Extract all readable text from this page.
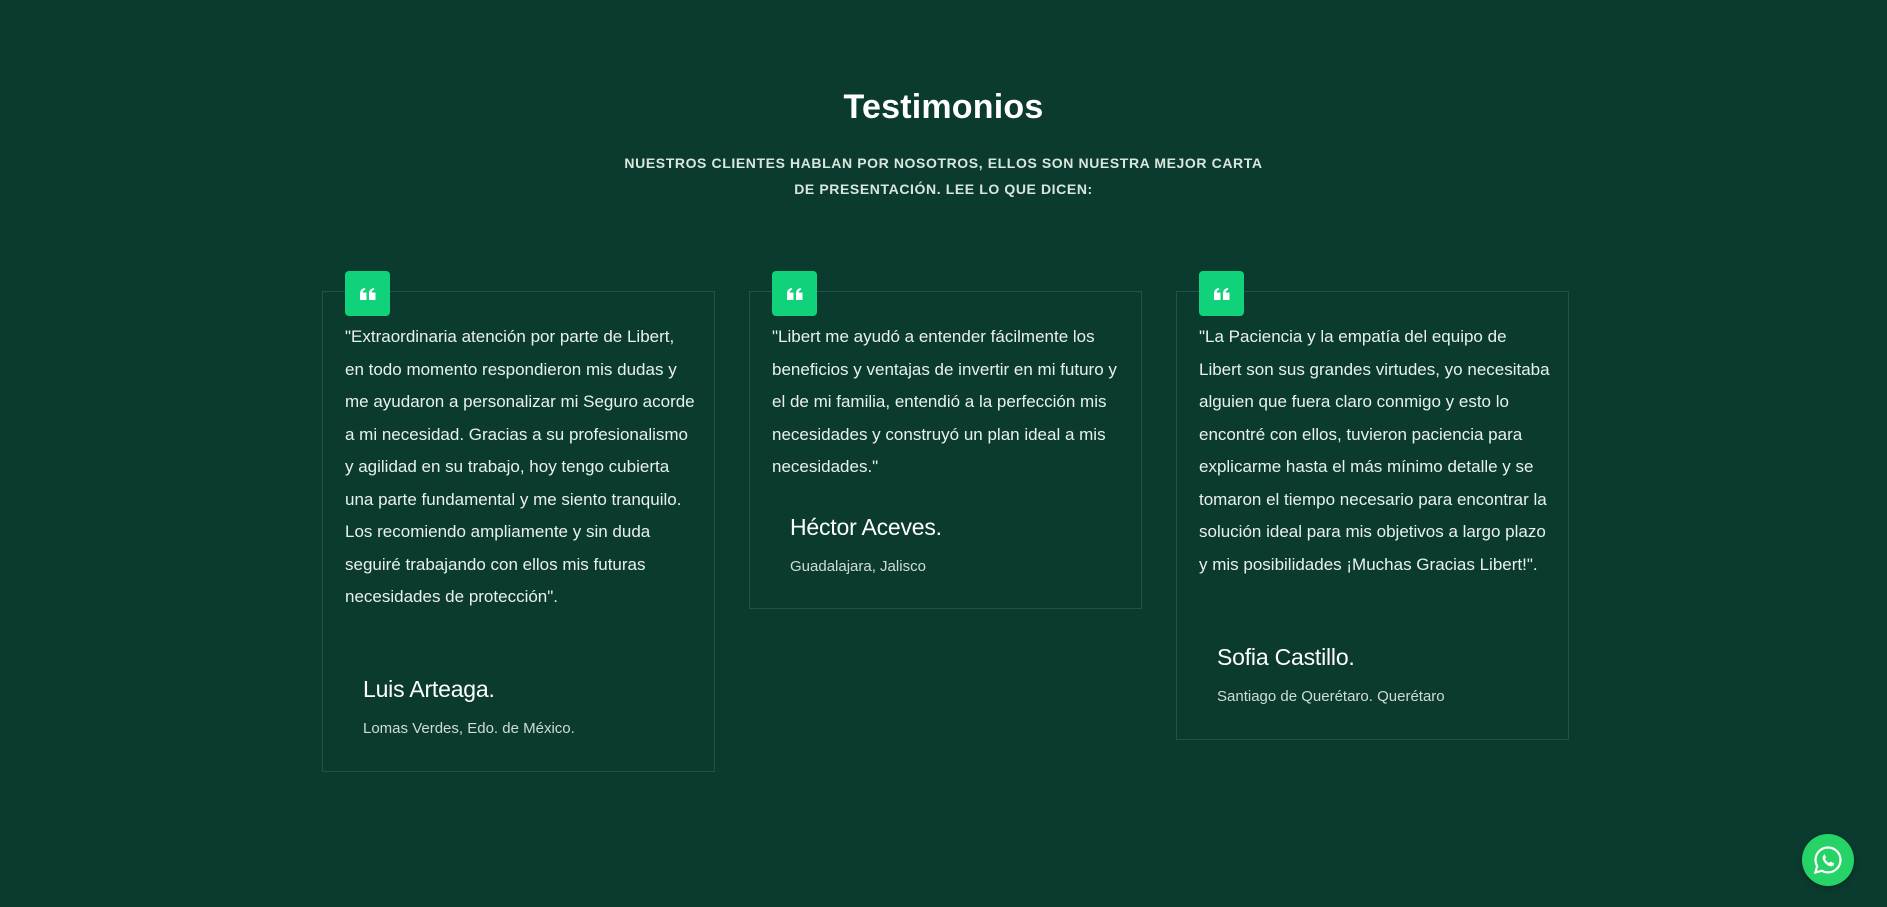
Testimonios
NUESTROS CLIENTES HABLAN POR NOSOTROS, ELLOS SON NUESTRA MEJOR CARTA DE PRESENTACIÓN. LEE LO QUE DICEN:
"Extraordinaria atención por parte de Libert, en todo momento respondieron mis dudas y me ayudaron a personalizar mi Seguro acorde a mi necesidad. Gracias a su profesionalismo y agilidad en su trabajo, hoy tengo cubierta una parte fundamental y me siento tranquilo. Los recomiendo ampliamente y sin duda seguiré trabajando con ellos mis futuras necesidades de protección".
Luis Arteaga.
Lomas Verdes, Edo. de México.
"Libert me ayudó a entender fácilmente los beneficios y ventajas de invertir en mi futuro y el de mi familia, entendió a la perfección mis necesidades y construyó un plan ideal a mis necesidades."
Héctor Aceves.
Guadalajara, Jalisco
"La Paciencia y la empatía del equipo de Libert son sus grandes virtudes, yo necesitaba alguien que fuera claro conmigo y esto lo encontré con ellos, tuvieron paciencia para explicarme hasta el más mínimo detalle y se tomaron el tiempo necesario para encontrar la solución ideal para mis objetivos a largo plazo y mis posibilidades ¡Muchas Gracias Libert!".
Sofia Castillo.
Santiago de Querétaro. Querétaro
